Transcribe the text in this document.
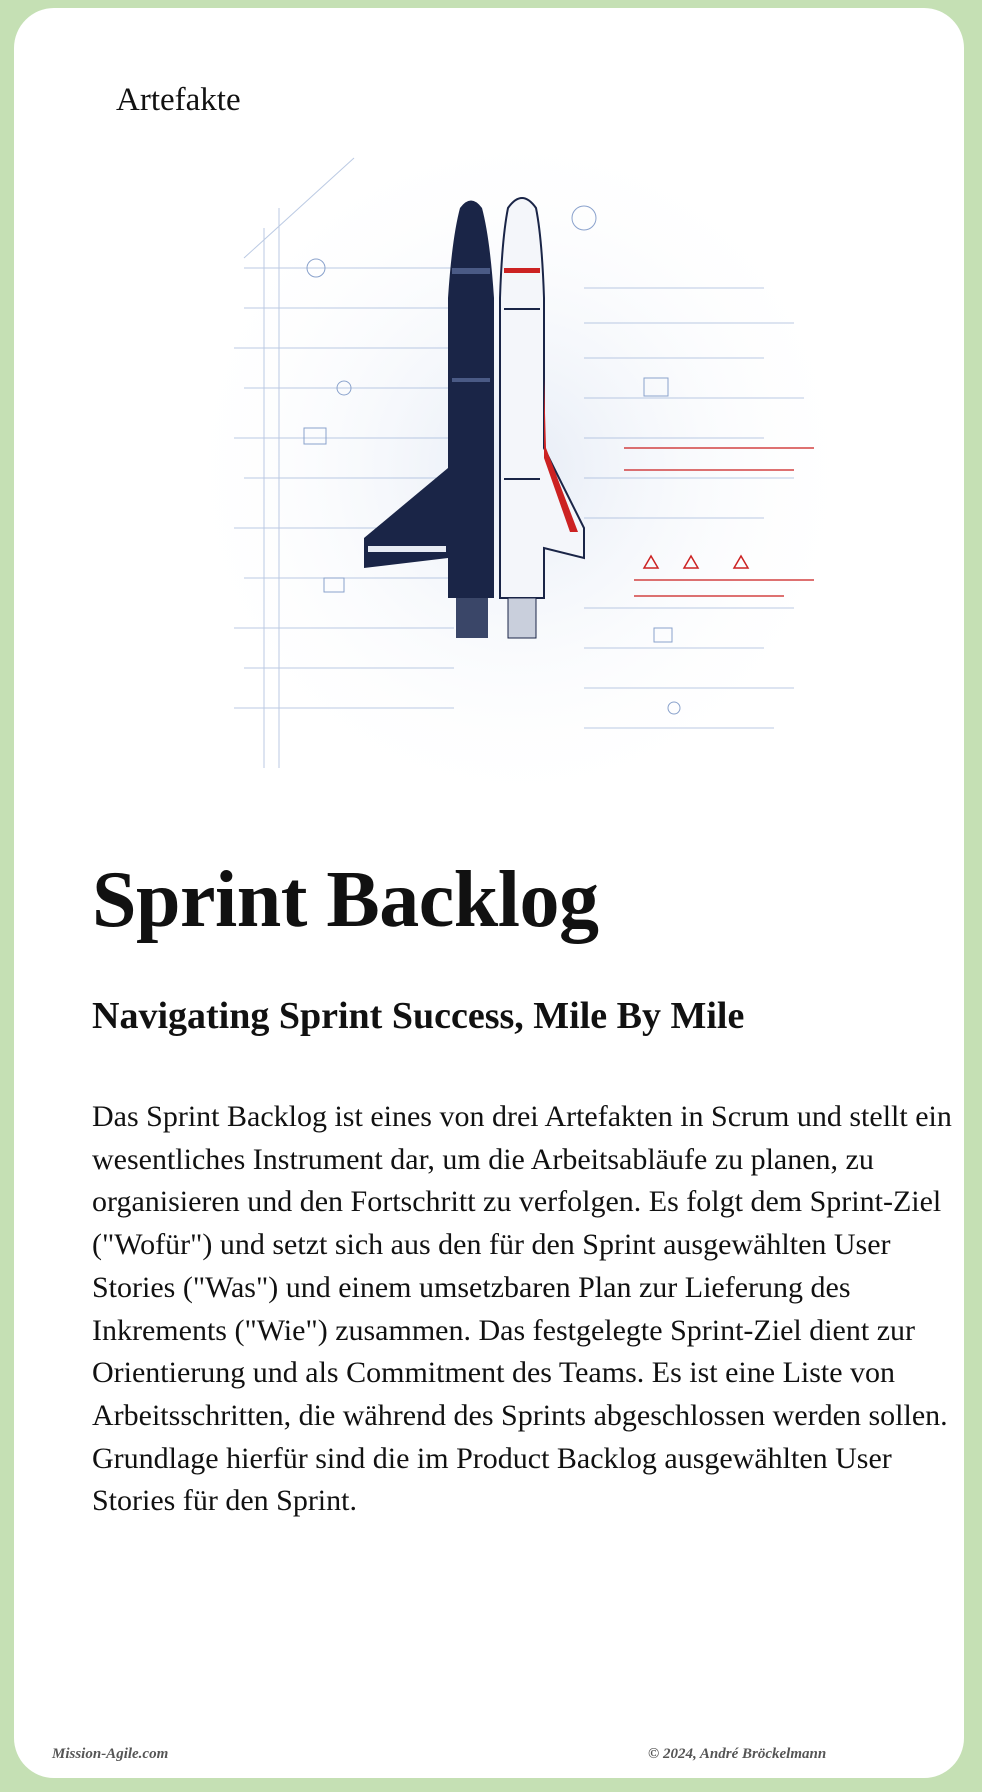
Artefakte
Sprint Backlog
Navigating Sprint Success, Mile By Mile

Das Sprint Backlog ist eines von drei Artefakten in Scrum und stellt ein wesentliches Instrument dar, um die Arbeitsabläufe zu planen, zu organisieren und den Fortschritt zu verfolgen. Es folgt dem Sprint-Ziel ("Wofür") und setzt sich aus den für den Sprint ausgewählten User Stories ("Was") und einem umsetzbaren Plan zur Lieferung des Inkrements ("Wie") zusammen. Das festgelegte Sprint-Ziel dient zur Orientierung und als Commitment des Teams. Es ist eine Liste von Arbeitsschritten, die während des Sprints abgeschlossen werden sollen. Grundlage hierfür sind die im Product Backlog ausgewählten User Stories für den Sprint.

Mission-Agile.com	© 2024, André Bröckelmann
